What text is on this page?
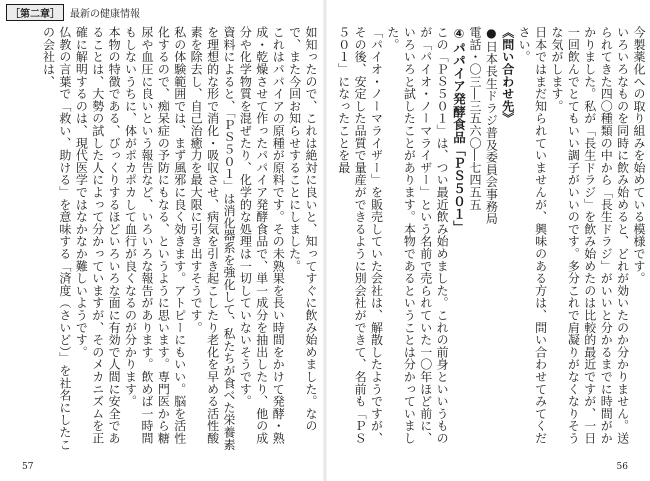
［第二章］ 最新の健康情報

如知ったので、これは絶対に良いと、知ってすぐに飲み始めました。なので、また今回お知らせすることにしました。

これはパパイアの原種が原料です。その未熟果を長い時間をかけて発酵・熟成・乾燥させて作ったパパイア発酵食品で、単一成分を抽出したり、他の成分や化学物質を混ぜたり、化学的な処理は一切していないそうです。

資料によると、「ＰＳ５０１」は消化器系を強化して、私たちが食べた栄養素を理想的な形で消化・吸収させ、病気を引き起こしたり老化を早める活性酸素を除去し、自己治癒力を最大限に引き出すそうです。

私の体験範囲では、まず風邪に良く効きます。アトピーにもいい。脳を活性化するので、痴呆症の予防にもなる、というように思います。専門医から糖尿や血圧に良いという報告など、いろいろな報告があります。飲めば一時間もしないうちに、体がポカポカして血行が良くなるのが分かります。

本物の特徴である、びっくりするほどいろいろな面に有効で人間に安全であることは、大勢の試した人によって分かっていますが、そのメカニズムを正確に解明するのは、現代医学ではなかなか難しいようです。

仏教の言葉で「救い、助ける」を意味する「済度（さいど）」を社名にしたこの会社は、

57

今製薬化への取り組みを始めている模様です。

いろいろなものを同時に飲み始めると、どれが効いたのか分かりません。送られてきた四〇種類の中から「長生ドラジ」がいいと分かるまでに時間がかかりました。私が「長生ドラジ」を飲み始めたのは比較的最近ですが、一日一回飲んでとてもいい調子がいいのです。多分これで肩凝りがなくなりそうな気がします。

日本ではまだ知られていませんが、興味のある方は、問い合わせてみてください。

《問い合わせ先》

●日本長生ドラジ普及委員会事務局

電話・〇三―三五六〇―七四五五

④パパイア発酵食品「ＰＳ５０１」

この「ＰＳ５０１」は、つい最近飲み始めました。これの前身といいうものが「パイオ・ノーマライザー」という名前で売られていた一〇年ほど前に、いろいろと試したことがあります。本物であるということは分かっていました。

「パイオ・ノーマライザー」を販売していた会社は、解散したようですが、その後、安定した品質で量産ができるように別会社ができて、名前も「ＰＳ５０１」になったことを最

56
